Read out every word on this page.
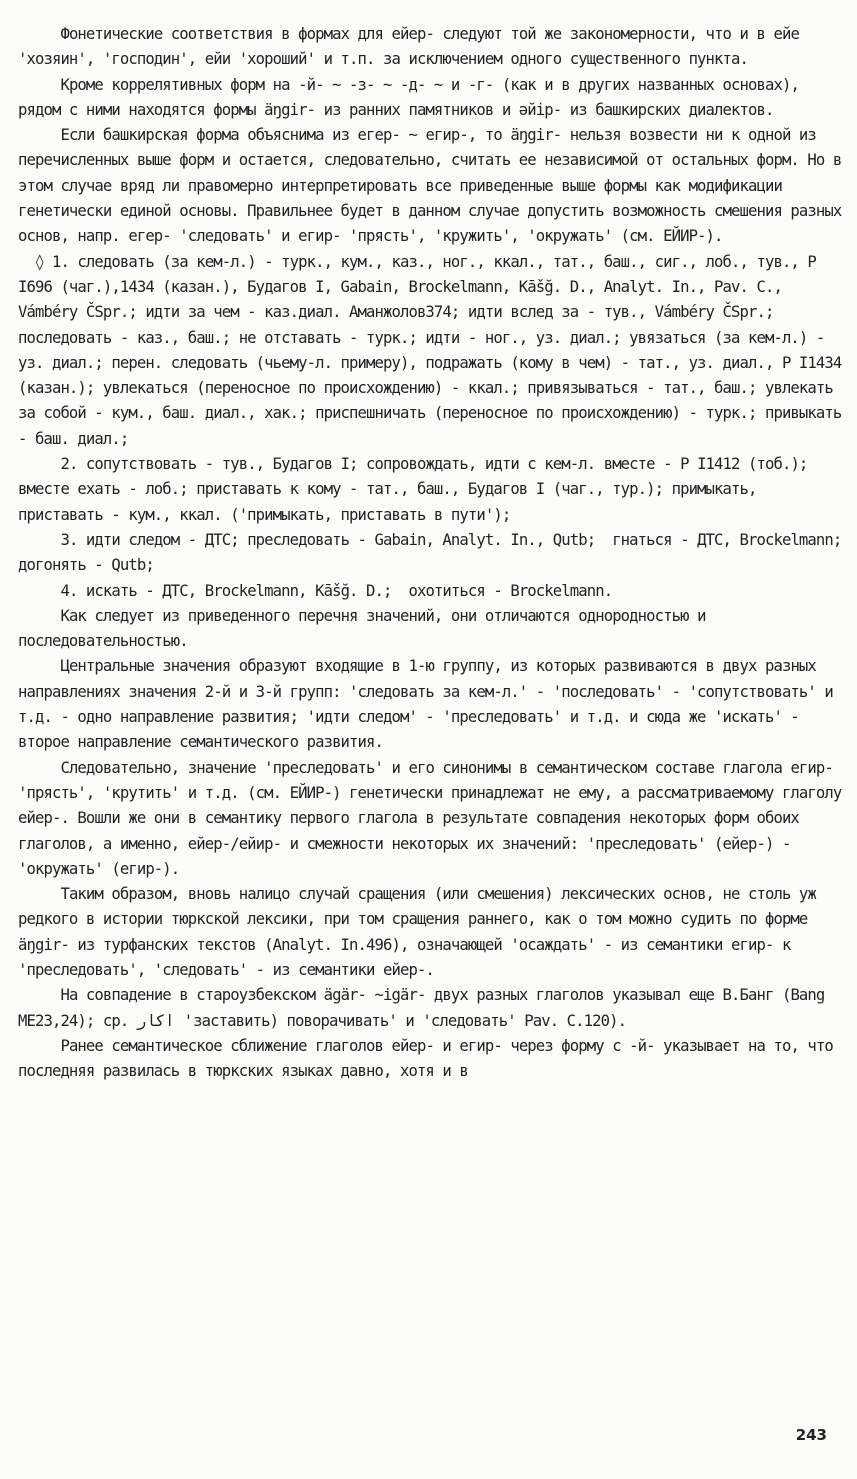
Фонетические соответствия в формах для ейер- следуют той же закономерности, что и в ейе 'хозяин', 'господин', ейи 'хороший' и т.п. за исключением одного существенного пункта.

Кроме коррелятивных форм на -й- ~ -з- ~ -д- ~ и -г- (как и в других названных основах), рядом с ними находятся формы äŋgir- из ранних памятников и әйір- из башкирских диалектов.

Если башкирская форма объяснима из егер- ~ егир-, то äŋgir- нельзя возвести ни к одной из перечисленных выше форм и остается, следовательно, считать ее независимой от остальных форм. Но в этом случае вряд ли правомерно интерпретировать все приведенные выше формы как модификации генетически единой основы. Правильнее будет в данном случае допустить возможность смешения разных основ, напр. егер- 'следовать' и егир- 'прясть', 'кружить', 'окружать' (см. ЕЙИР-).

◊ 1. следовать (за кем-л.) - турк., кум., каз., ног., ккал., тат., баш., сиг., лоб., тув., Р I696 (чаг.),1434 (казан.), Будагов I, Gabain, Brockelmann, Kāšğ. D., Analyt. In., Pav. C., Vámbéry ČSpr.; идти за чем - каз.диал. Аманжолов374; идти вслед за - тув., Vámbéry ČSpr.; последовать - каз., баш.; не отставать - турк.; идти - ног., уз. диал.; увязаться (за кем-л.) - уз. диал.; перен. следовать (чьему-л. примеру), подражать (кому в чем) - тат., уз. диал., Р I1434 (казан.); увлекаться (переносное по происхождению) - ккал.; привязываться - тат., баш.; увлекать за собой - кум., баш. диал., хак.; приспешничать (переносное по происхождению) - турк.; привыкать - баш. диал.;

2. сопутствовать - тув., Будагов I; сопровождать, идти с кем-л. вместе - Р I1412 (тоб.); вместе ехать - лоб.; приставать к кому - тат., баш., Будагов I (чаг., тур.); примыкать, приставать - кум., ккал. ('примыкать, приставать в пути');

3. идти следом - ДТС; преследовать - Gabain, Analyt. In., Qutb;  гнаться - ДТС, Brockelmann; догонять - Qutb;

4. искать - ДТС, Brockelmann, Kāšğ. D.;  охотиться - Brockelmann.

Как следует из приведенного перечня значений, они отличаются однородностью и последовательностью.

Центральные значения образуют входящие в 1-ю группу, из которых развиваются в двух разных направлениях значения 2-й и 3-й групп: 'следовать за кем-л.' - 'последовать' - 'сопутствовать' и т.д. - одно направление развития; 'идти следом' - 'преследовать' и т.д. и сюда же 'искать' - второе направление семантического развития.

Следовательно, значение 'преследовать' и его синонимы в семантическом составе глагола егир- 'прясть', 'крутить' и т.д. (см. ЕЙИР-) генетически принадлежат не ему, а рассматриваемому глаголу ейер-. Вошли же они в семантику первого глагола в результате совпадения некоторых форм обоих глаголов, а именно, ейер-/ейир- и смежности некоторых их значений: 'преследовать' (ейер-) - 'окружать' (егир-).

Таким образом, вновь налицо случай сращения (или смешения) лексических основ, не столь уж редкого в истории тюркской лексики, при том сращения раннего, как о том можно судить по форме äŋgir- из турфанских текстов (Analyt. In.496), означающей 'осаждать' - из семантики егир- к 'преследовать', 'следовать' - из семантики ейер-.

На совпадение в староузбекском ägär- ~igär- двух разных глаголов указывал еще В.Банг (Bang ME23,24); ср. اکار 'заставить) поворачивать' и 'следовать' Pav. C.120).

Ранее семантическое сближение глаголов ейер- и егир- через форму с -й- указывает на то, что последняя развилась в тюркских языках давно, хотя и в

243
